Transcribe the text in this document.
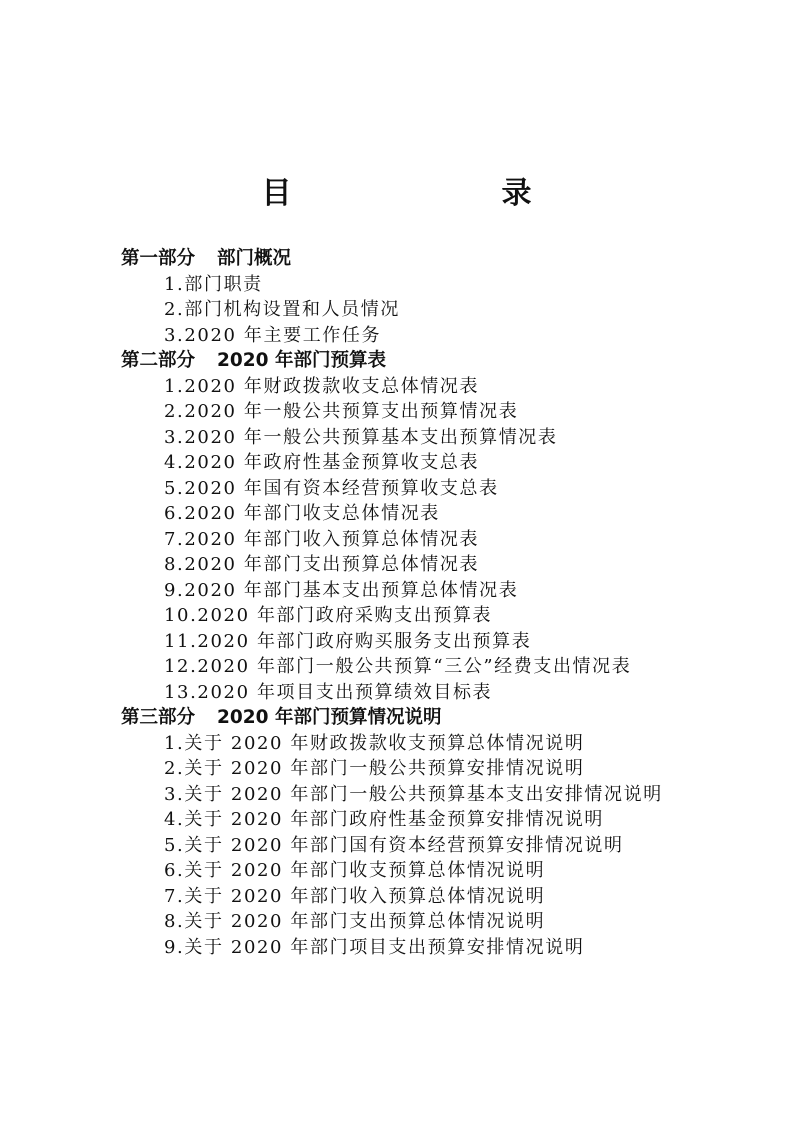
目　　录
第一部分 部门概况
1.部门职责
2.部门机构设置和人员情况
3.2020 年主要工作任务
第二部分 2020 年部门预算表
1.2020 年财政拨款收支总体情况表
2.2020 年一般公共预算支出预算情况表
3.2020 年一般公共预算基本支出预算情况表
4.2020 年政府性基金预算收支总表
5.2020 年国有资本经营预算收支总表
6.2020 年部门收支总体情况表
7.2020 年部门收入预算总体情况表
8.2020 年部门支出预算总体情况表
9.2020 年部门基本支出预算总体情况表
10.2020 年部门政府采购支出预算表
11.2020 年部门政府购买服务支出预算表
12.2020 年部门一般公共预算“三公”经费支出情况表
13.2020 年项目支出预算绩效目标表
第三部分 2020 年部门预算情况说明
1.关于 2020 年财政拨款收支预算总体情况说明
2.关于 2020 年部门一般公共预算安排情况说明
3.关于 2020 年部门一般公共预算基本支出安排情况说明
4.关于 2020 年部门政府性基金预算安排情况说明
5.关于 2020 年部门国有资本经营预算安排情况说明
6.关于 2020 年部门收支预算总体情况说明
7.关于 2020 年部门收入预算总体情况说明
8.关于 2020 年部门支出预算总体情况说明
9.关于 2020 年部门项目支出预算安排情况说明
